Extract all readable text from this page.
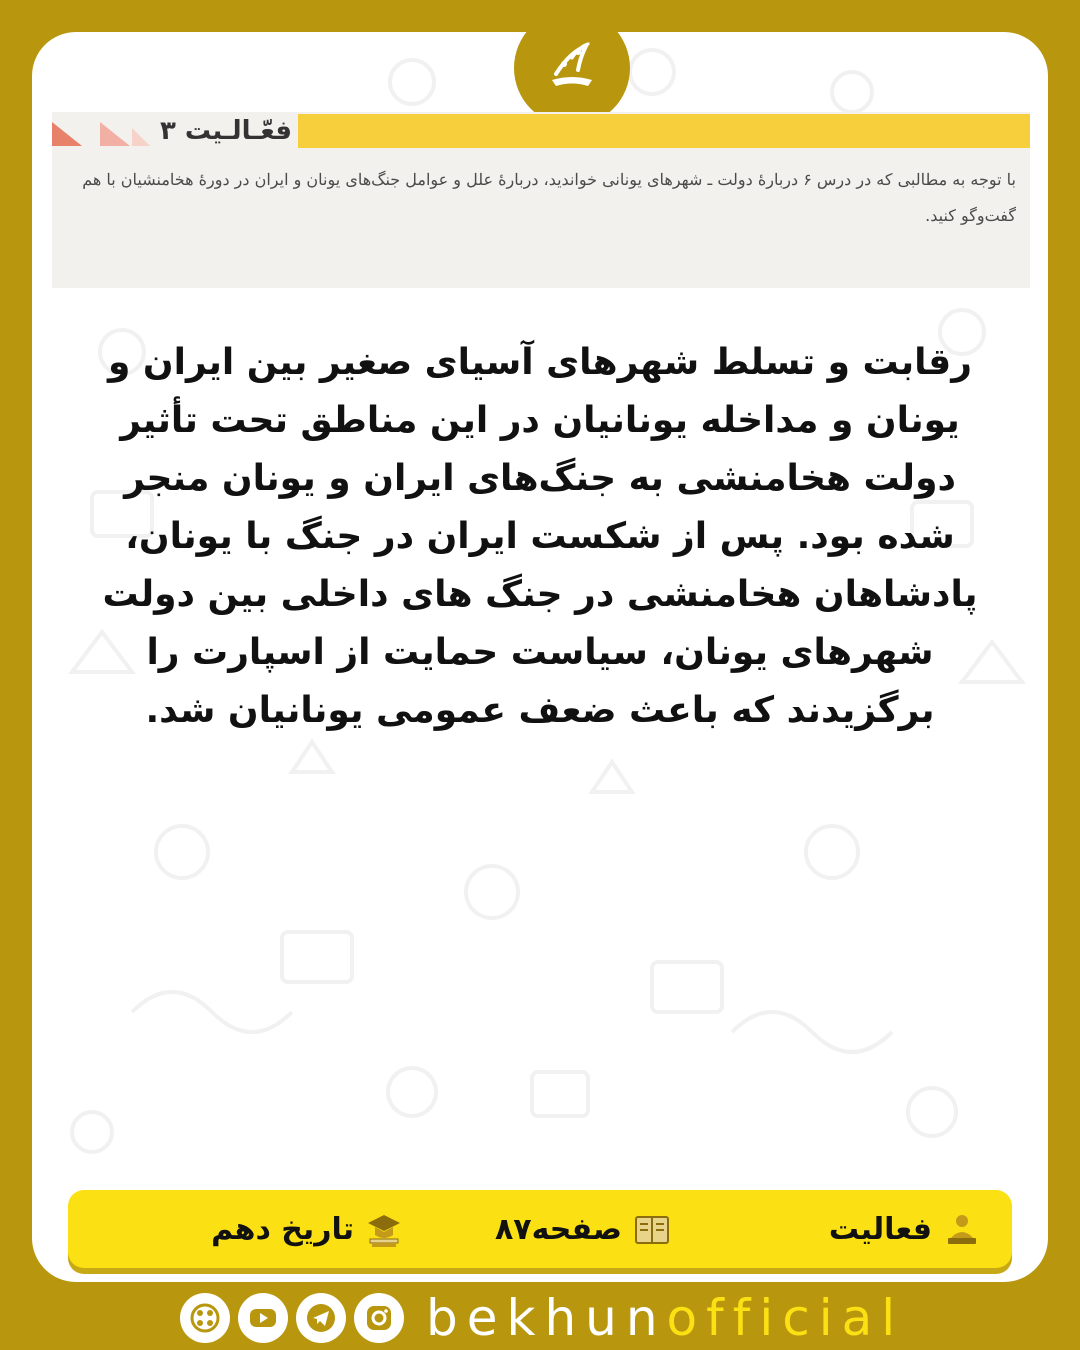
فعّـالـیت ۳
با توجه به مطالبی که در درس ۶ دربارۀ دولت ـ شهرهای یونانی خواندید، دربارۀ علل و عوامل جنگ‌های یونان و ایران در دورۀ هخامنشیان با هم گفت‌وگو کنید.
رقابت و تسلط شهرهای آسیای صغیر بین ایران و یونان و مداخله یونانیان در این مناطق تحت تأثیر دولت هخامنشی به جنگ‌های ایران و یونان منجر شده بود. پس از شکست ایران در جنگ با یونان، پادشاهان هخامنشی در جنگ های داخلی بین دولت شهرهای یونان، سیاست حمایت از اسپارت را برگزیدند که باعث ضعف عمومی یونانیان شد.
فعالیت
صفحه۸۷
تاریخ دهم
bekhunofficial
